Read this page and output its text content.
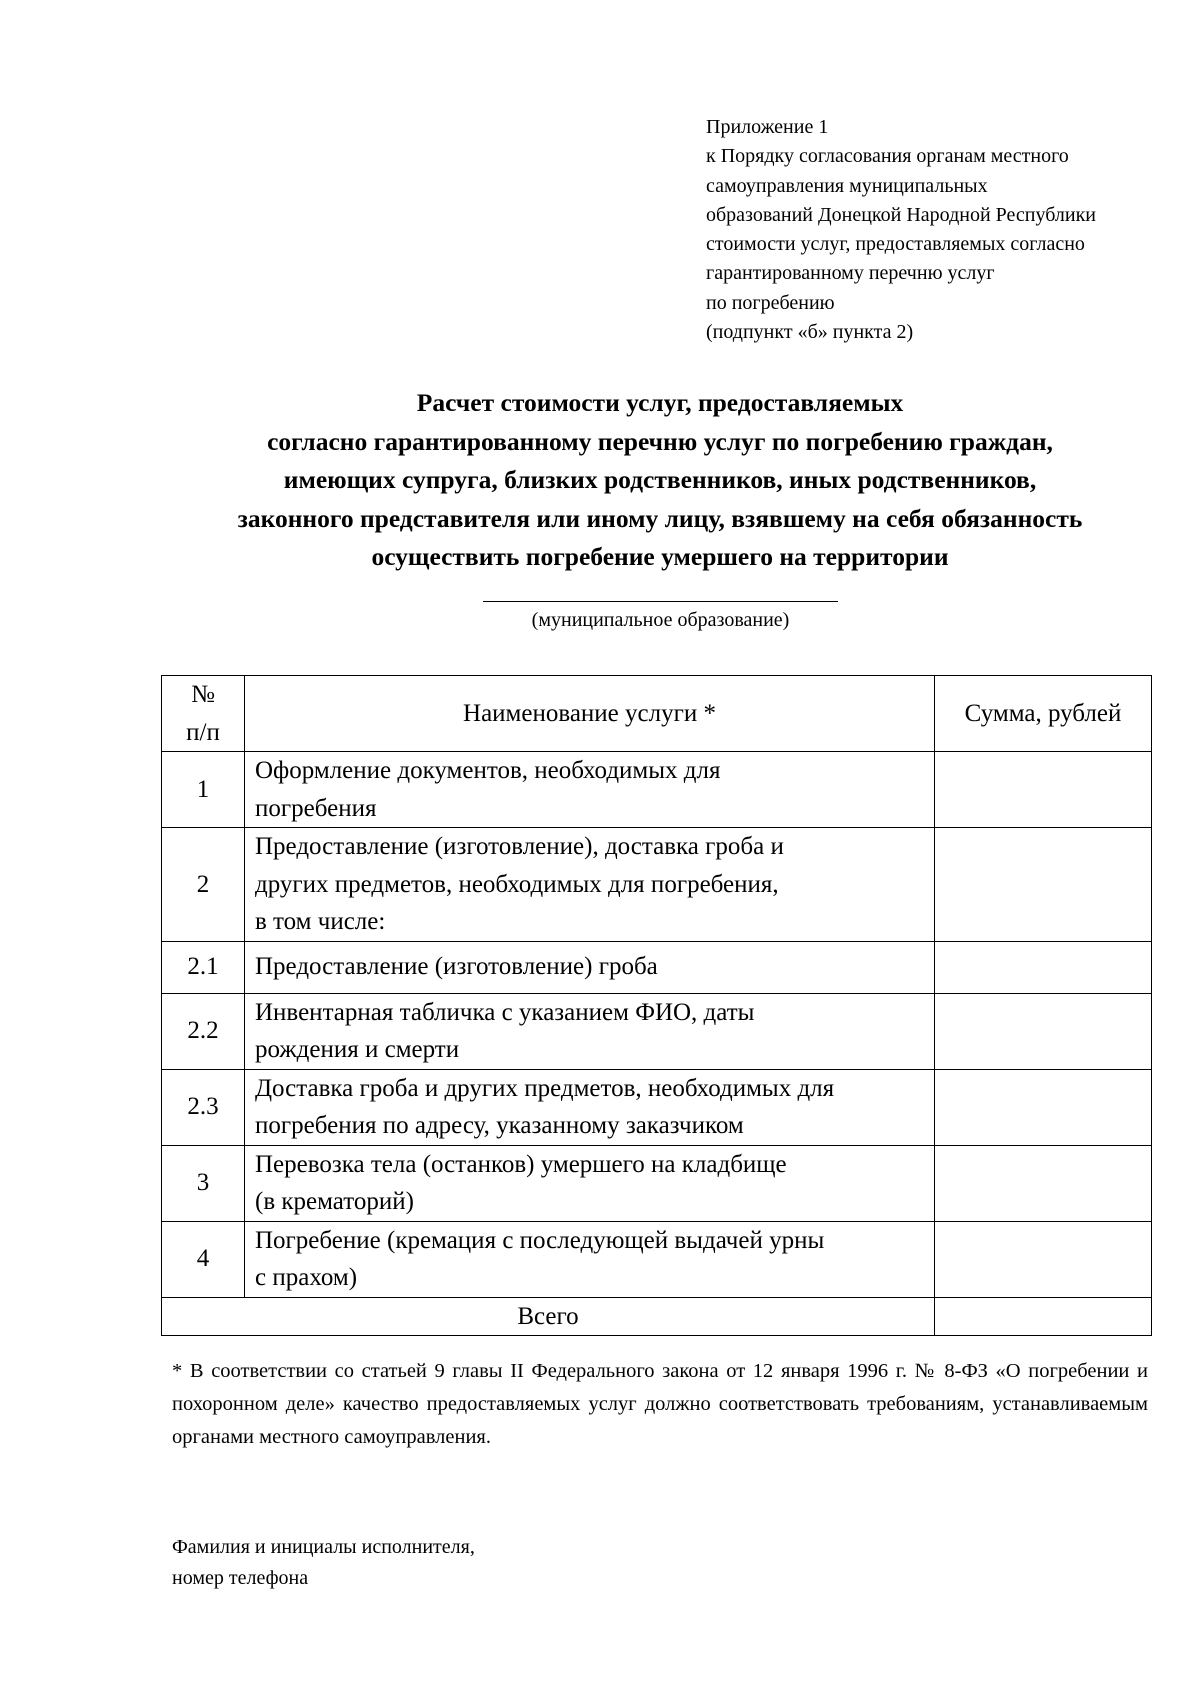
Приложение 1
к Порядку согласования органам местного
самоуправления муниципальных
образований Донецкой Народной Республики
стоимости услуг, предоставляемых согласно
гарантированному перечню услуг
по погребению
(подпункт «б» пункта 2)
Расчет стоимости услуг, предоставляемых
согласно гарантированному перечню услуг по погребению граждан,
имеющих супруга, близких родственников, иных родственников,
законного представителя или иному лицу, взявшему на себя обязанность
осуществить погребение умершего на территории
(муниципальное образование)
№
п/п	Наименование услуги *	Сумма, рублей
1	Оформление документов, необходимых для
погребения	

2	Предоставление (изготовление), доставка гроба и
других предметов, необходимых для погребения,
в том числе:	

2.1	Предоставление (изготовление) гроба	

2.2	Инвентарная табличка с указанием ФИО, даты
рождения и смерти	

2.3	Доставка гроба и других предметов, необходимых для
погребения по адресу, указанному заказчиком	

3	Перевозка тела (останков) умершего на кладбище
(в крематорий)	

4	Погребение (кремация с последующей выдачей урны
с прахом)	

Всего		
* В соответствии со статьей 9 главы II Федерального закона от 12 января 1996 г. № 8-ФЗ «О погребении и похоронном деле» качество предоставляемых услуг должно соответствовать требованиям, устанавливаемым органами местного самоуправления.
Фамилия и инициалы исполнителя,
номер телефона
